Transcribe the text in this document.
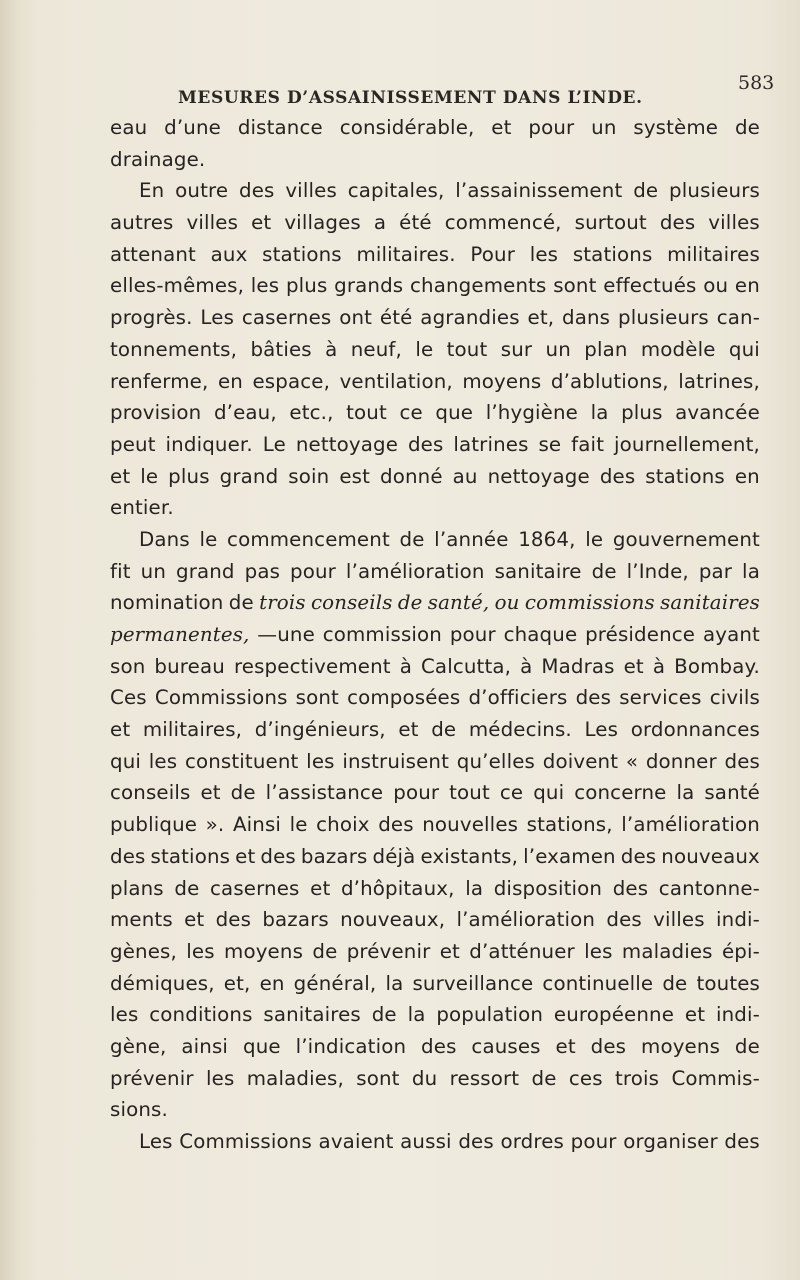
MESURES D’ASSAINISSEMENT DANS L’INDE.
583
eau d’une distance considérable, et pour un système de
drainage.
En outre des villes capitales, l’assainissement de plusieurs
autres villes et villages a été commencé, surtout des villes
attenant aux stations militaires. Pour les stations militaires
elles-mêmes, les plus grands changements sont effectués ou en
progrès. Les casernes ont été agrandies et, dans plusieurs can-
tonnements, bâties à neuf, le tout sur un plan modèle qui
renferme, en espace, ventilation, moyens d’ablutions, latrines,
provision d’eau, etc., tout ce que l’hygiène la plus avancée
peut indiquer. Le nettoyage des latrines se fait journellement,
et le plus grand soin est donné au nettoyage des stations en
entier.
Dans le commencement de l’année 1864, le gouvernement
fit un grand pas pour l’amélioration sanitaire de l’Inde, par la
nomination de trois conseils de santé, ou commissions sanitaires
permanentes, —une commission pour chaque présidence ayant
son bureau respectivement à Calcutta, à Madras et à Bombay.
Ces Commissions sont composées d’officiers des services civils
et militaires, d’ingénieurs, et de médecins. Les ordonnances
qui les constituent les instruisent qu’elles doivent « donner des
conseils et de l’assistance pour tout ce qui concerne la santé
publique ». Ainsi le choix des nouvelles stations, l’amélioration
des stations et des bazars déjà existants, l’examen des nouveaux
plans de casernes et d’hôpitaux, la disposition des cantonne-
ments et des bazars nouveaux, l’amélioration des villes indi-
gènes, les moyens de prévenir et d’atténuer les maladies épi-
démiques, et, en général, la surveillance continuelle de toutes
les conditions sanitaires de la population européenne et indi-
gène, ainsi que l’indication des causes et des moyens de
prévenir les maladies, sont du ressort de ces trois Commis-
sions.
Les Commissions avaient aussi des ordres pour organiser des
